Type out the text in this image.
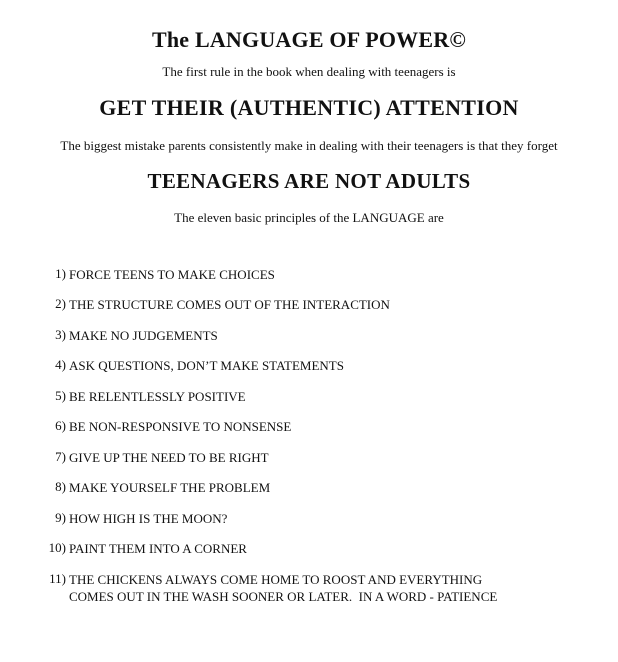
The LANGUAGE OF POWER©
The first rule in the book when dealing with teenagers is
GET THEIR (AUTHENTIC) ATTENTION
The biggest mistake parents consistently make in dealing with their teenagers is that they forget
TEENAGERS ARE NOT ADULTS
The eleven basic principles of the LANGUAGE are
1) FORCE TEENS TO MAKE CHOICES
2) THE STRUCTURE COMES OUT OF THE INTERACTION
3) MAKE NO JUDGEMENTS
4) ASK QUESTIONS, DON’T MAKE STATEMENTS
5) BE RELENTLESSLY POSITIVE
6) BE NON-RESPONSIVE TO NONSENSE
7) GIVE UP THE NEED TO BE RIGHT
8) MAKE YOURSELF THE PROBLEM
9) HOW HIGH IS THE MOON?
10) PAINT THEM INTO A CORNER
11) THE CHICKENS ALWAYS COME HOME TO ROOST AND EVERYTHING
COMES OUT IN THE WASH SOONER OR LATER.  IN A WORD - PATIENCE
